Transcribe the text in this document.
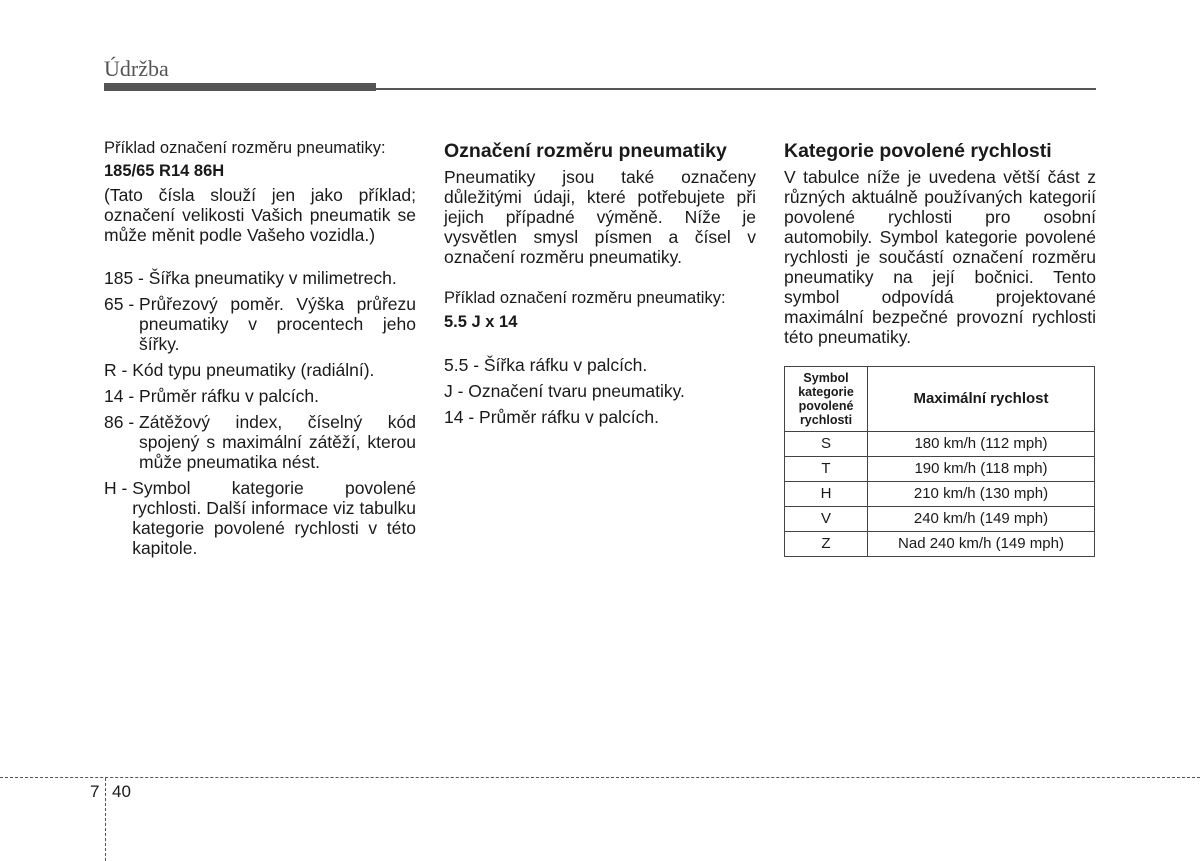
Údržba

Příklad označení rozměru pneumatiky:

185/65 R14 86H

(Tato čísla slouží jen jako příklad; označení velikosti Vašich pneumatik se může měnit podle Vašeho vozidla.)

185 - Šířka pneumatiky v milimetrech.
65 - Průřezový poměr. Výška průřezu pneumatiky v procentech jeho šířky.
R - Kód typu pneumatiky (radiální).
14 - Průměr ráfku v palcích.
86 - Zátěžový index, číselný kód spojený s maximální zátěží, kterou může pneumatika nést.
H - Symbol kategorie povolené rychlosti. Další informace viz tabulku kategorie povolené rychlosti v této kapitole.

Označení rozměru pneumatiky

Pneumatiky jsou také označeny důležitými údaji, které potřebujete při jejich případné výměně. Níže je vysvětlen smysl písmen a čísel v označení rozměru pneumatiky.

Příklad označení rozměru pneumatiky:

5.5 J x 14

5.5 - Šířka ráfku v palcích.

J - Označení tvaru pneumatiky.

14 - Průměr ráfku v palcích.

Kategorie povolené rychlosti

V tabulce níže je uvedena větší část z různých aktuálně používaných kategorií povolené rychlosti pro osobní automobily. Symbol kategorie povolené rychlosti je součástí označení rozměru pneumatiky na její bočnici. Tento symbol odpovídá projektované maximální bezpečné provozní rychlosti této pneumatiky.

Symbol kategorie povolené rychlosti	Maximální rychlost
S	180 km/h (112 mph)
T	190 km/h (118 mph)
H	210 km/h (130 mph)
V	240 km/h (149 mph)
Z	Nad 240 km/h (149 mph)
7 40
